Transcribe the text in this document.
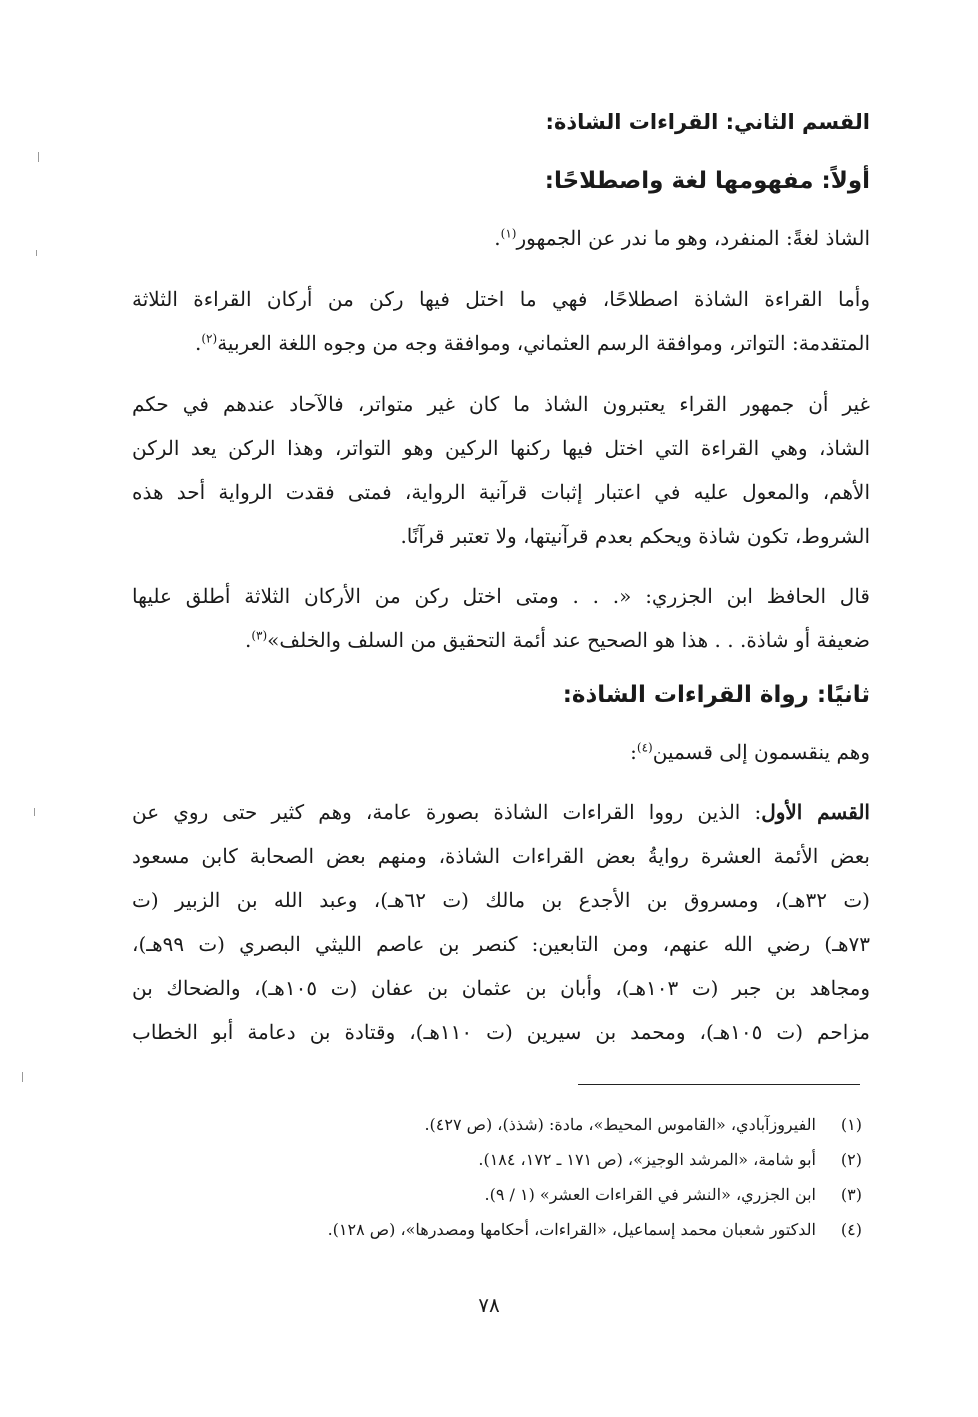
القسم الثاني: القراءات الشاذة:
أولاً: مفهومها لغة واصطلاحًا:
الشاذ لغةً: المنفرد، وهو ما ندر عن الجمهور$^{(١)}$.
وأما القراءة الشاذة اصطلاحًا، فهي ما اختل فيها ركن من أركان القراءة الثلاثة
المتقدمة: التواتر، وموافقة الرسم العثماني، وموافقة وجه من وجوه اللغة العربية$^{(٢)}$.
غير أن جمهور القراء يعتبرون الشاذ ما كان غير متواتر، فالآحاد عندهم في حكم
الشاذ، وهي القراءة التي اختل فيها ركنها الركين وهو التواتر، وهذا الركن يعد الركن
الأهم، والمعول عليه في اعتبار إثبات قرآنية الرواية، فمتى فقدت الرواية أحد هذه
الشروط، تكون شاذة ويحكم بعدم قرآنيتها، ولا تعتبر قرآنًا.
قال الحافظ ابن الجزري: «. . . ومتى اختل ركن من الأركان الثلاثة أطلق عليها
ضعيفة أو شاذة. . . هذا هو الصحيح عند أئمة التحقيق من السلف والخلف»$^{(٣)}$.
ثانيًا: رواة القراءات الشاذة:
وهم ينقسمون إلى قسمين$^{(٤)}$:
القسم الأول: الذين رووا القراءات الشاذة بصورة عامة، وهم كثير حتى روي عن
بعض الأئمة العشرة روايةُ بعض القراءات الشاذة، ومنهم بعض الصحابة كابن مسعود
(ت ٣٢هـ)، ومسروق بن الأجدع بن مالك (ت ٦٢هـ)، وعبد الله بن الزبير (ت
٧٣هـ) رضي الله عنهم، ومن التابعين: كنصر بن عاصم الليثي البصري (ت ٩٩هـ)،
ومجاهد بن جبر (ت ١٠٣هـ)، وأبان بن عثمان بن عفان (ت ١٠٥هـ)، والضحاك بن
مزاحم (ت ١٠٥هـ)، ومحمد بن سيرين (ت ١١٠هـ)، وقتادة بن دعامة أبو الخطاب
(١)الفيروزآبادي، «القاموس المحيط»، مادة: (شذذ)، (ص ٤٢٧).
(٢)أبو شامة، «المرشد الوجيز»، (ص ١٧١ ـ ١٧٢، ١٨٤).
(٣)ابن الجزري، «النشر في القراءات العشر» (١ / ٩).
(٤)الدكتور شعبان محمد إسماعيل، «القراءات، أحكامها ومصدرها»، (ص ١٢٨).
٧٨
